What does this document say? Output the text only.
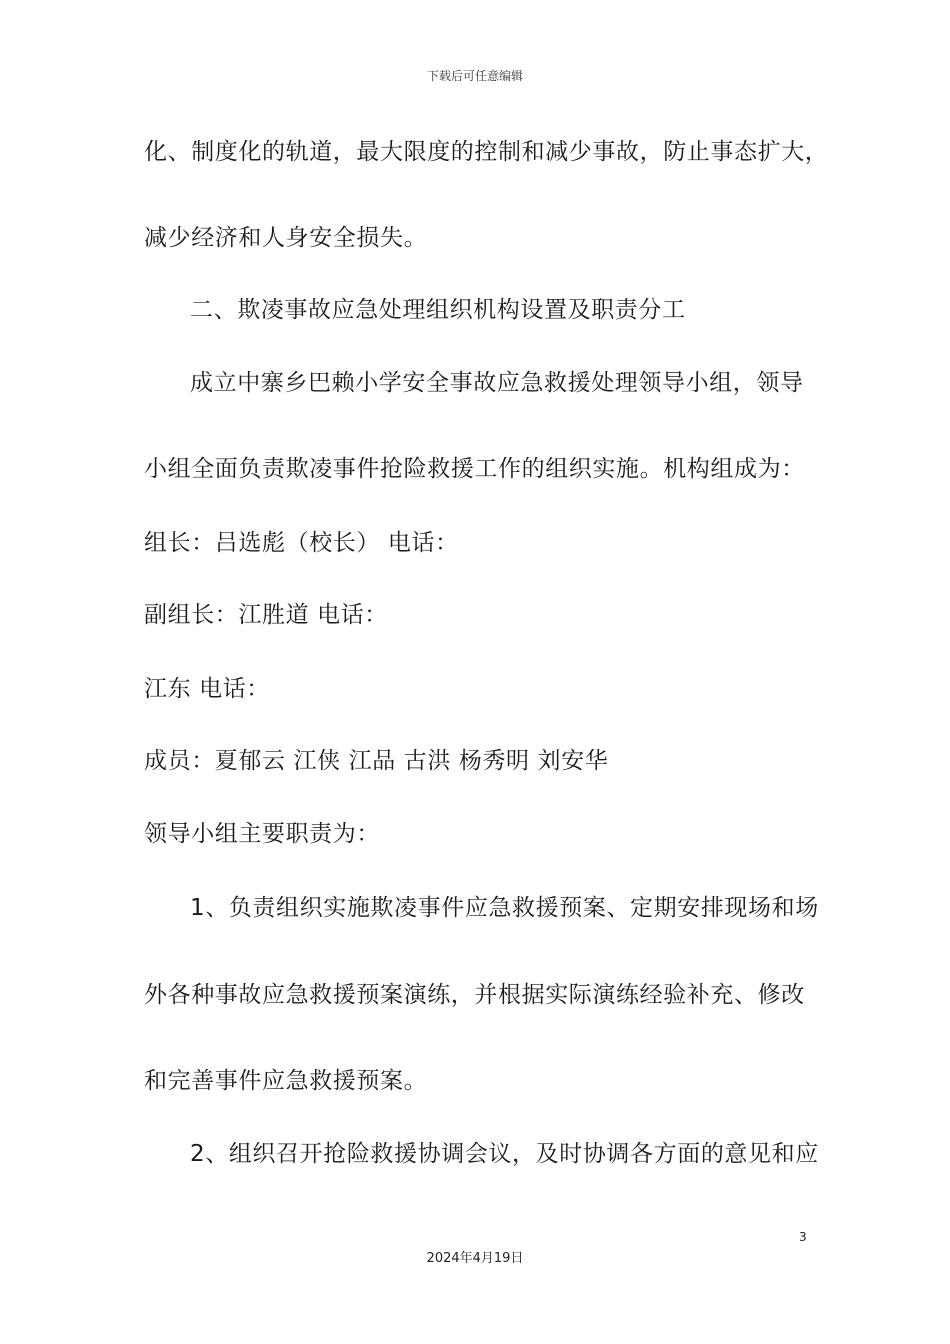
下载后可任意编辑
化、制度化的轨道，最大限度的控制和减少事故，防止事态扩大，
减少经济和人身安全损失。
二、欺凌事故应急处理组织机构设置及职责分工
成立中寨乡巴赖小学安全事故应急救援处理领导小组，领导
小组全面负责欺凌事件抢险救援工作的组织实施。机构组成为：
组长：吕选彪（校长） 电话：
副组长：江胜道 电话：
江东 电话：
成员：夏郁云 江侠 江品 古洪 杨秀明 刘安华
领导小组主要职责为：
1、负责组织实施欺凌事件应急救援预案、定期安排现场和场
外各种事故应急救援预案演练，并根据实际演练经验补充、修改
和完善事件应急救援预案。
2、组织召开抢险救援协调会议，及时协调各方面的意见和应
3
2024年4月19日
